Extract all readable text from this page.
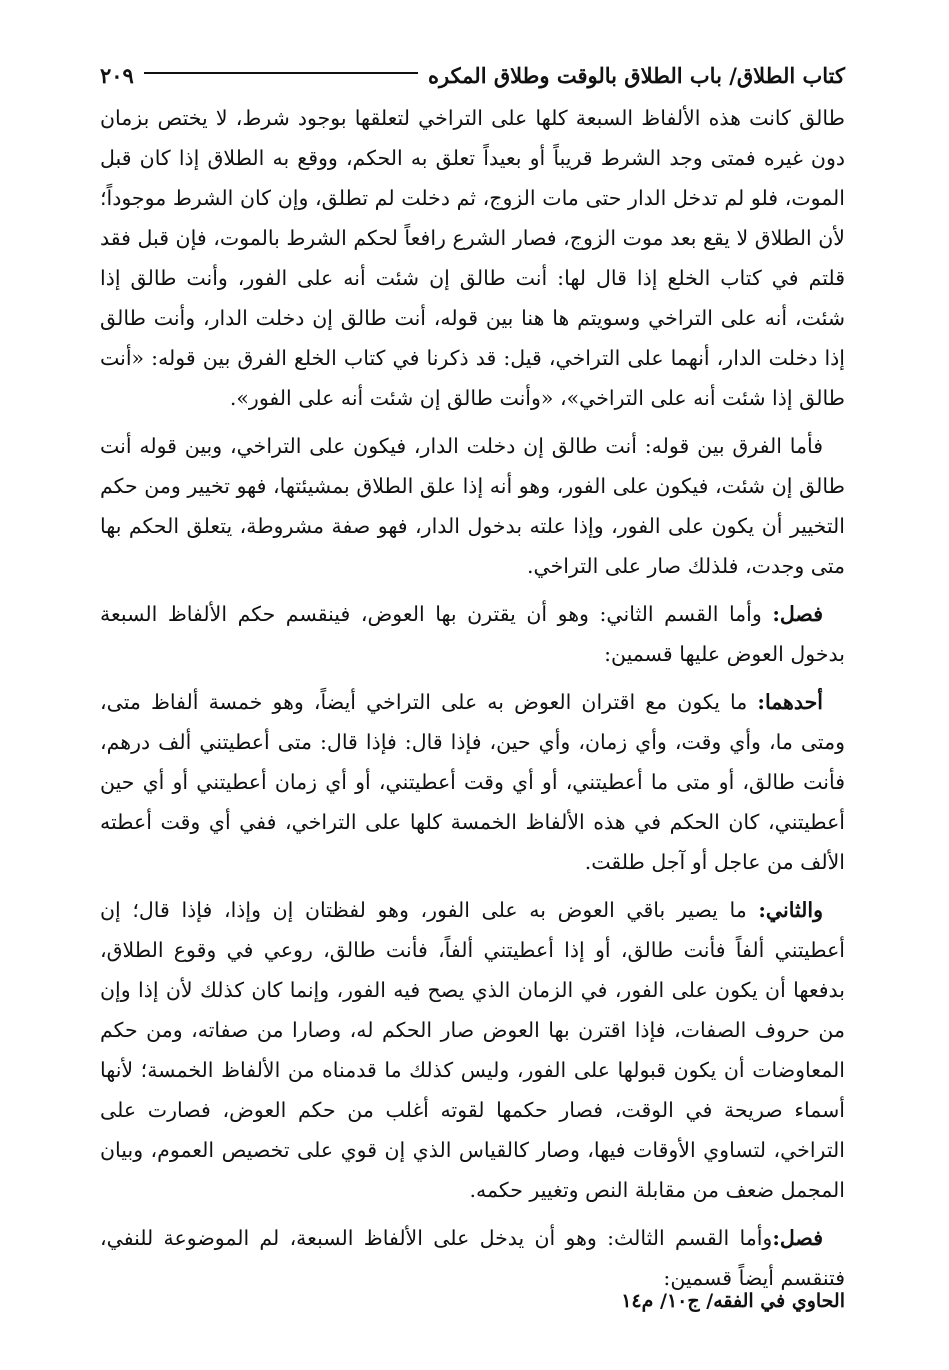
كتاب الطلاق/ باب الطلاق بالوقت وطلاق المكره
٢٠٩

طالق كانت هذه الألفاظ السبعة كلها على التراخي لتعلقها بوجود شرط، لا يختص بزمان دون غيره فمتى وجد الشرط قريباً أو بعيداً تعلق به الحكم، ووقع به الطلاق إذا كان قبل الموت، فلو لم تدخل الدار حتى مات الزوج، ثم دخلت لم تطلق، وإن كان الشرط موجوداً؛ لأن الطلاق لا يقع بعد موت الزوج، فصار الشرع رافعاً لحكم الشرط بالموت، فإن قبل فقد قلتم في كتاب الخلع إذا قال لها: أنت طالق إن شئت أنه على الفور، وأنت طالق إذا شئت، أنه على التراخي وسويتم ها هنا بين قوله، أنت طالق إن دخلت الدار، وأنت طالق إذا دخلت الدار، أنهما على التراخي، قيل: قد ذكرنا في كتاب الخلع الفرق بين قوله: «أنت طالق إذا شئت أنه على التراخي»، «وأنت طالق إن شئت أنه على الفور».

فأما الفرق بين قوله: أنت طالق إن دخلت الدار، فيكون على التراخي، وبين قوله أنت طالق إن شئت، فيكون على الفور، وهو أنه إذا علق الطلاق بمشيئتها، فهو تخيير ومن حكم التخيير أن يكون على الفور، وإذا علته بدخول الدار، فهو صفة مشروطة، يتعلق الحكم بها متى وجدت، فلذلك صار على التراخي.

فصل: وأما القسم الثاني: وهو أن يقترن بها العوض، فينقسم حكم الألفاظ السبعة بدخول العوض عليها قسمين:

أحدهما: ما يكون مع اقتران العوض به على التراخي أيضاً، وهو خمسة ألفاظ متى، ومتى ما، وأي وقت، وأي زمان، وأي حين، فإذا قال: فإذا قال: متى أعطيتني ألف درهم، فأنت طالق، أو متى ما أعطيتني، أو أي وقت أعطيتني، أو أي زمان أعطيتني أو أي حين أعطيتني، كان الحكم في هذه الألفاظ الخمسة كلها على التراخي، ففي أي وقت أعطته الألف من عاجل أو آجل طلقت.

والثاني: ما يصير باقي العوض به على الفور، وهو لفظتان إن وإذا، فإذا قال؛ إن أعطيتني ألفاً فأنت طالق، أو إذا أعطيتني ألفاً، فأنت طالق، روعي في وقوع الطلاق، بدفعها أن يكون على الفور، في الزمان الذي يصح فيه الفور، وإنما كان كذلك لأن إذا وإن من حروف الصفات، فإذا اقترن بها العوض صار الحكم له، وصارا من صفاته، ومن حكم المعاوضات أن يكون قبولها على الفور، وليس كذلك ما قدمناه من الألفاظ الخمسة؛ لأنها أسماء صريحة في الوقت، فصار حكمها لقوته أغلب من حكم العوض، فصارت على التراخي، لتساوي الأوقات فيها، وصار كالقياس الذي إن قوي على تخصيص العموم، وبيان المجمل ضعف من مقابلة النص وتغيير حكمه.

فصل:وأما القسم الثالث: وهو أن يدخل على الألفاظ السبعة، لم الموضوعة للنفي، فتنقسم أيضاً قسمين:

الحاوي في الفقه/ ج١٠/ م١٤
